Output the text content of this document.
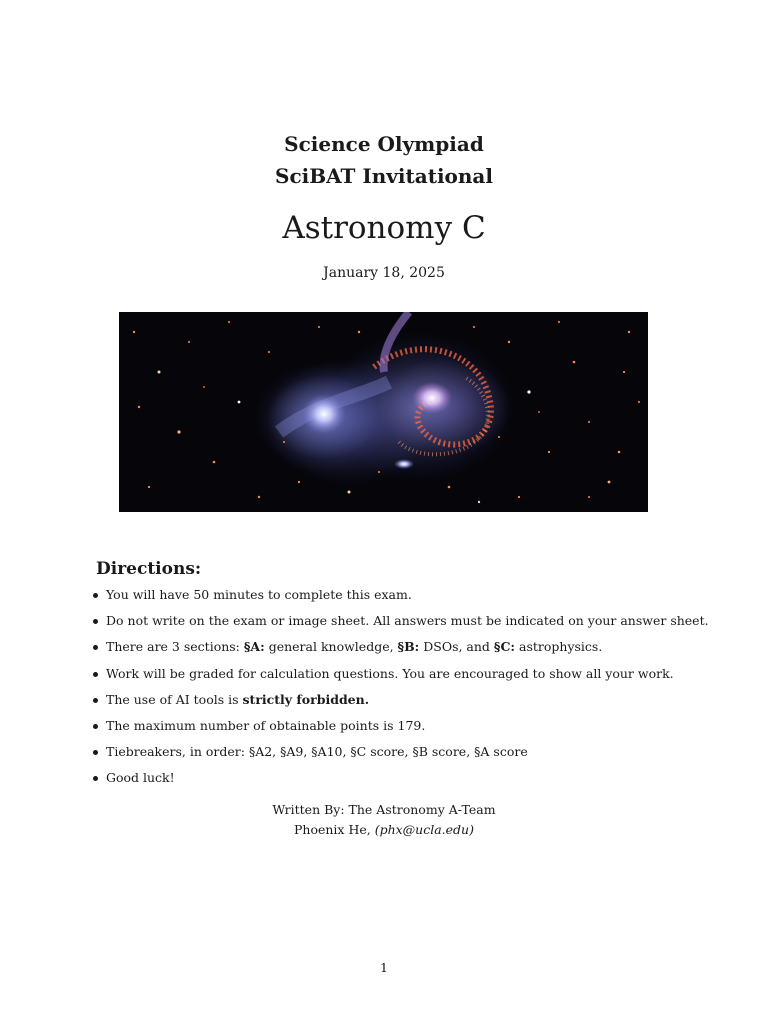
Science Olympiad
SciBAT Invitational
Astronomy C
January 18, 2025
Directions:
You will have 50 minutes to complete this exam.
Do not write on the exam or image sheet. All answers must be indicated on your answer sheet.
There are 3 sections: §A: general knowledge, §B: DSOs, and §C: astrophysics.
Work will be graded for calculation questions. You are encouraged to show all your work.
The use of AI tools is strictly forbidden.
The maximum number of obtainable points is 179.
Tiebreakers, in order: §A2, §A9, §A10, §C score, §B score, §A score
Good luck!
Written By: The Astronomy A-Team
Phoenix He, (phx@ucla.edu)
1
